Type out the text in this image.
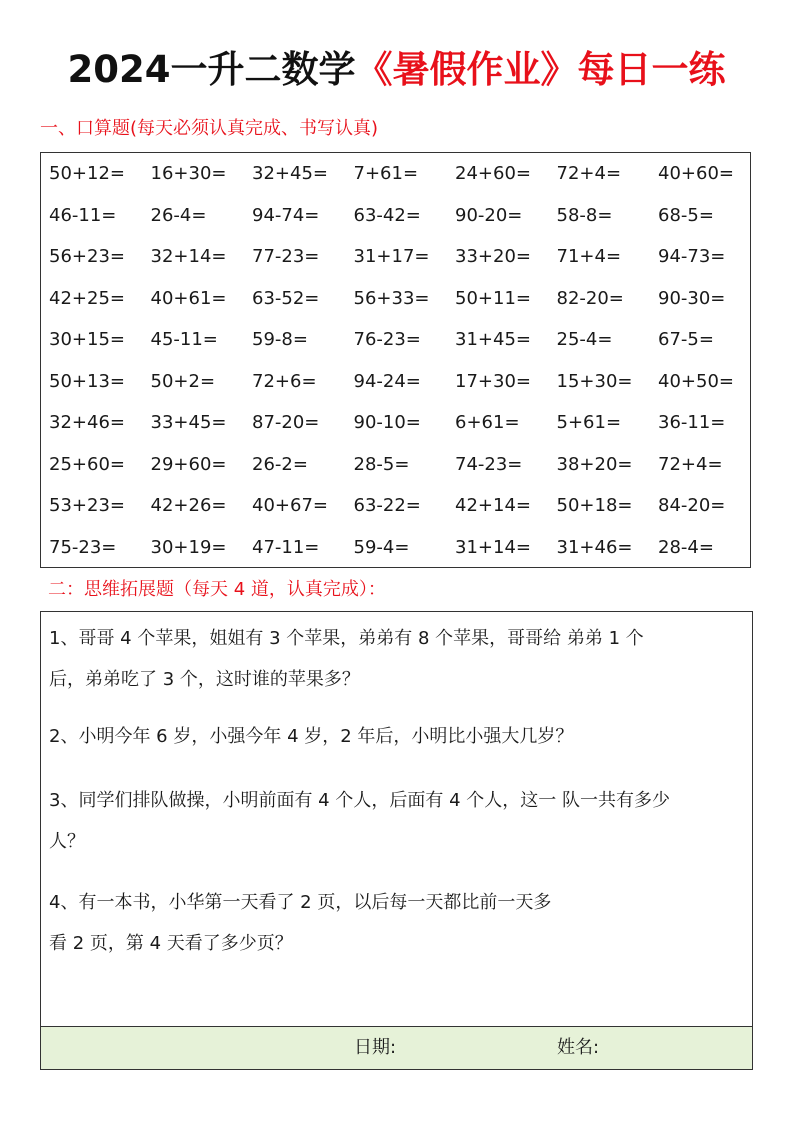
2024一升二数学《暑假作业》每日一练
一、口算题(每天必须认真完成、书写认真)
50+12= 16+30= 32+45= 7+61= 24+60= 72+4= 40+60=
46-11= 26-4=	94-74= 63-42= 90-20= 58-8=	68-5=
56+23= 32+14= 77-23= 31+17= 33+20= 71+4= 94-73=
42+25= 40+61= 63-52= 56+33= 50+11= 82-20= 90-30=
30+15= 45-11= 59-8=	76-23= 31+45= 25-4=	67-5=
50+13= 50+2= 72+6= 94-24= 17+30= 15+30= 40+50=
32+46= 33+45= 87-20= 90-10= 6+61= 5+61= 36-11=
25+60= 29+60= 26-2=	28-5=	74-23= 38+20= 72+4=
53+23= 42+26= 40+67= 63-22= 42+14= 50+18= 84-20=
75-23= 30+19= 47-11= 59-4=	31+14= 31+46= 28-4=
二：思维拓展题（每天 4 道，认真完成）：
1、哥哥 4 个苹果，姐姐有 3 个苹果，弟弟有 8 个苹果，哥哥给 弟弟 1 个
后，弟弟吃了 3 个，这时谁的苹果多？
2、小明今年 6 岁，小强今年 4 岁，2 年后，小明比小强大几岁？
3、同学们排队做操，小明前面有 4 个人，后面有 4 个人，这一 队一共有多少
人？
4、有一本书，小华第一天看了 2 页，以后每一天都比前一天多
看 2 页，第 4 天看了多少页？
日期:	姓名:
